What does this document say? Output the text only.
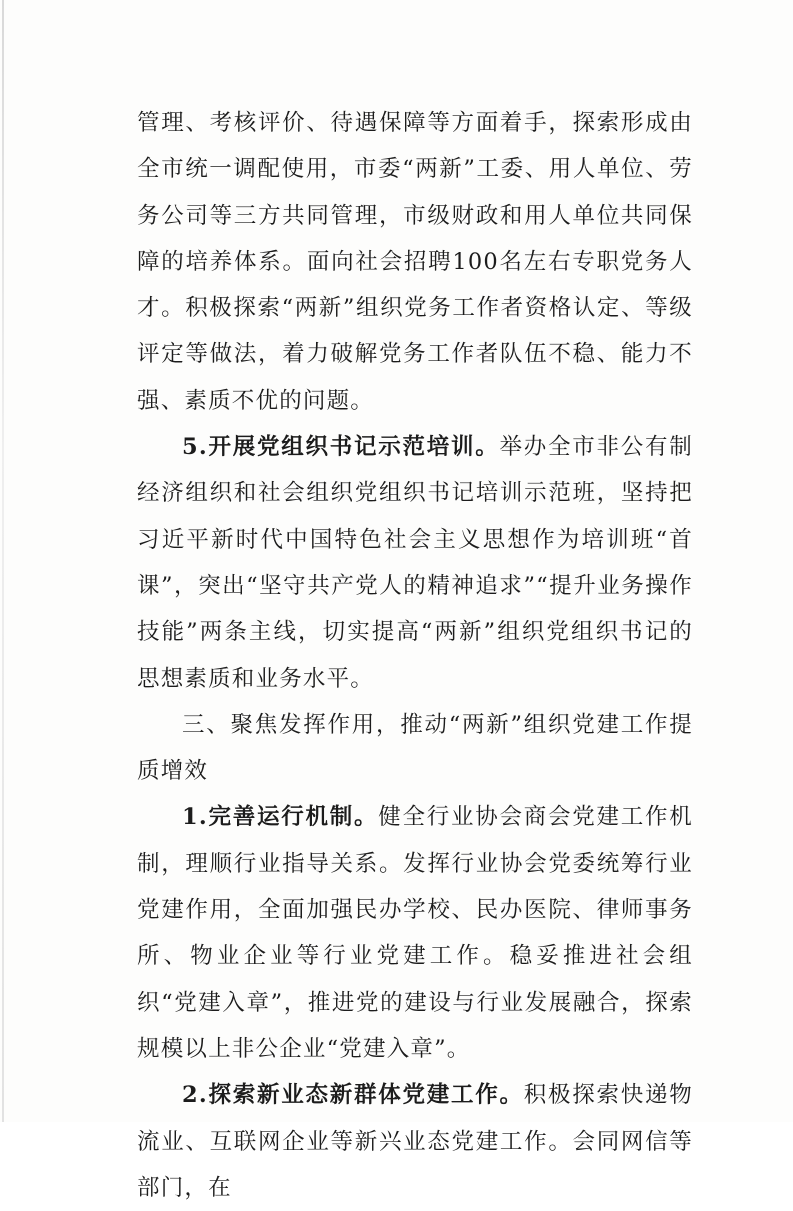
管理、考核评价、待遇保障等方面着手，探索形成由全市统一调配使用，市委“两新”工委、用人单位、劳务公司等三方共同管理，市级财政和用人单位共同保障的培养体系。面向社会招聘100名左右专职党务人才。积极探索“两新”组织党务工作者资格认定、等级评定等做法，着力破解党务工作者队伍不稳、能力不强、素质不优的问题。

5.开展党组织书记示范培训。举办全市非公有制经济组织和社会组织党组织书记培训示范班，坚持把习近平新时代中国特色社会主义思想作为培训班“首课”，突出“坚守共产党人的精神追求”“提升业务操作技能”两条主线，切实提高“两新”组织党组织书记的思想素质和业务水平。

三、聚焦发挥作用，推动“两新”组织党建工作提质增效

1.完善运行机制。健全行业协会商会党建工作机制，理顺行业指导关系。发挥行业协会党委统筹行业党建作用，全面加强民办学校、民办医院、律师事务所、物业企业等行业党建工作。稳妥推进社会组织“党建入章”，推进党的建设与行业发展融合，探索规模以上非公企业“党建入章”。

2.探索新业态新群体党建工作。积极探索快递物流业、互联网企业等新兴业态党建工作。会同网信等部门，在
